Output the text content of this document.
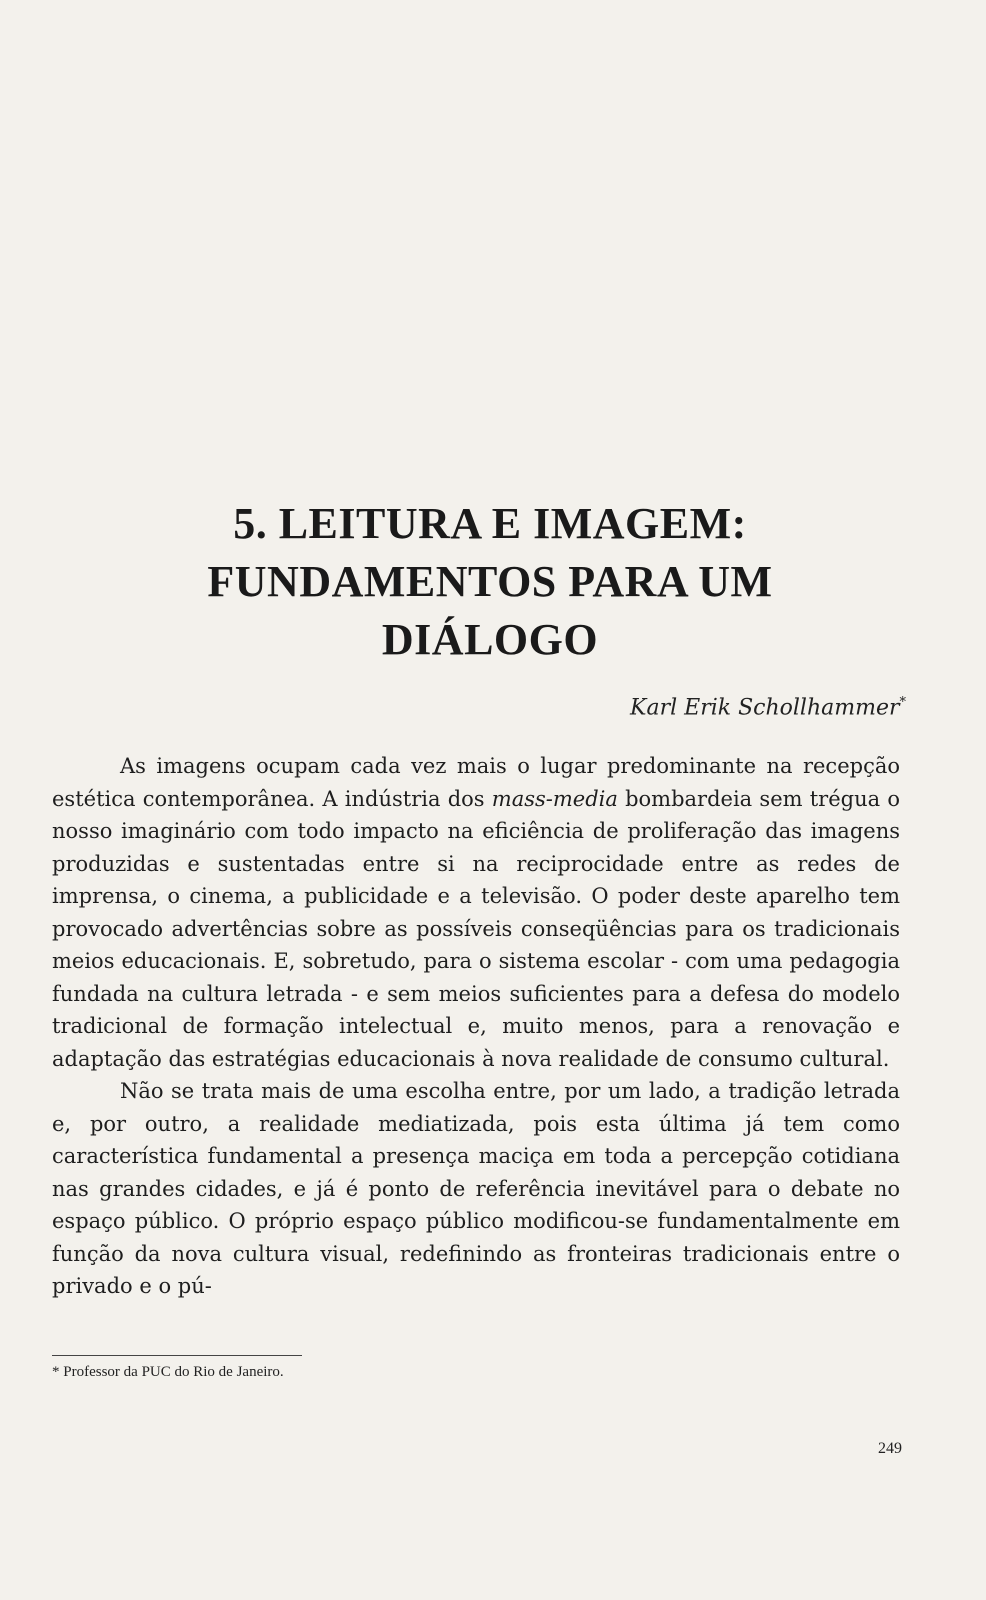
5. LEITURA E IMAGEM:
FUNDAMENTOS PARA UM
DIÁLOGO

Karl Erik Schollhammer*

As imagens ocupam cada vez mais o lugar predominante na recepção estética contemporânea. A indústria dos mass-media bombardeia sem trégua o nosso imaginário com todo impacto na eficiência de proliferação das imagens produzidas e sustentadas entre si na reciprocidade entre as redes de imprensa, o cinema, a publicidade e a televisão. O poder deste aparelho tem provocado advertências sobre as possíveis conseqüências para os tradicionais meios educacionais. E, sobretudo, para o sistema escolar - com uma pedagogia fundada na cultura letrada - e sem meios suficientes para a defesa do modelo tradicional de formação intelectual e, muito menos, para a renovação e adaptação das estratégias educacionais à nova realidade de consumo cultural.

Não se trata mais de uma escolha entre, por um lado, a tradição letrada e, por outro, a realidade mediatizada, pois esta última já tem como característica fundamental a presença maciça em toda a percepção cotidiana nas grandes cidades, e já é ponto de referência inevitável para o debate no espaço público. O próprio espaço público modificou-se fundamentalmente em função da nova cultura visual, redefinindo as fronteiras tradicionais entre o privado e o pú-

* Professor da PUC do Rio de Janeiro.

249
